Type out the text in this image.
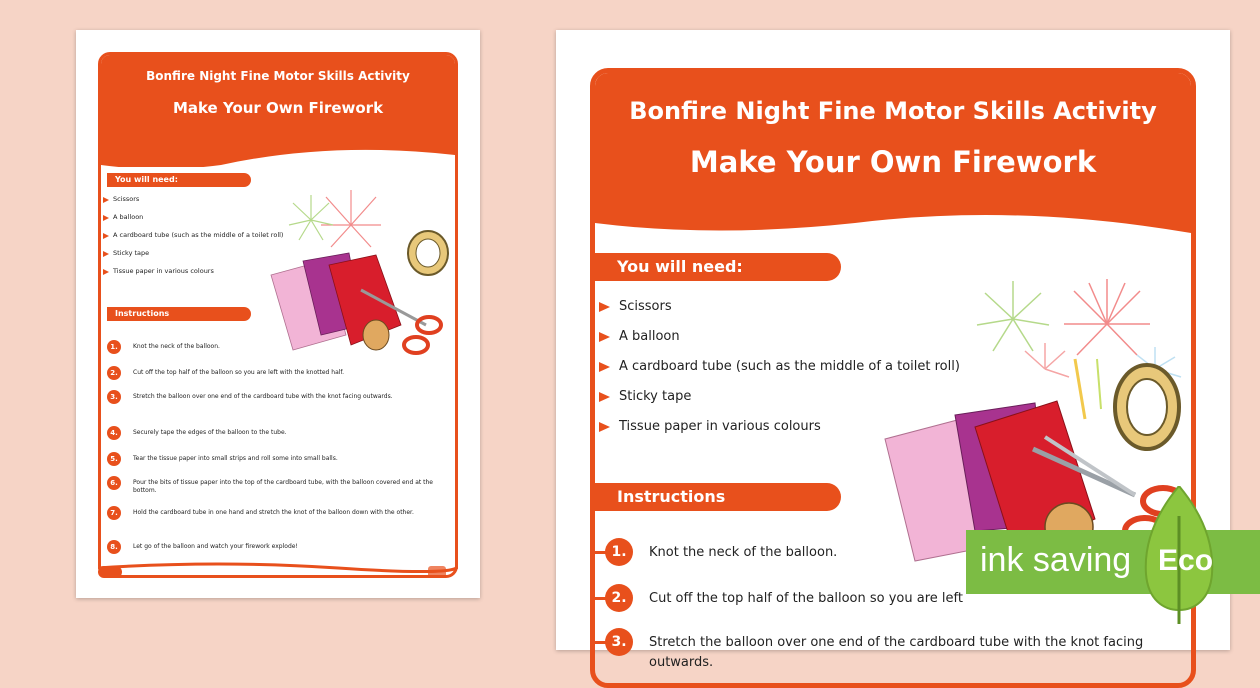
Bonfire Night Fine Motor Skills Activity
Make Your Own Firework
You will need:
Scissors
A balloon
A cardboard tube (such as the middle of a toilet roll)
Sticky tape
Tissue paper in various colours
Instructions
1.	Knot the neck of the balloon.
2.	Cut off the top half of the balloon so you are left with the knotted half.
3.	Stretch the balloon over one end of the cardboard tube with the knot facing outwards.
4.	Securely tape the edges of the balloon to the tube.
5.	Tear the tissue paper into small strips and roll some into small balls.
6.	Pour the bits of tissue paper into the top of the cardboard tube, with the balloon covered end at the bottom.
7.	Hold the cardboard tube in one hand and stretch the knot of the balloon down with the other.
8.	Let go of the balloon and watch your firework explode!
Bonfire Night Fine Motor Skills Activity
Make Your Own Firework
You will need:
Scissors
A balloon
A cardboard tube (such as the middle of a toilet roll)
Sticky tape
Tissue paper in various colours
Instructions
1.	Knot the neck of the balloon.
2.	Cut off the top half of the balloon so you are left
3.	Stretch the balloon over one end of the cardboard tube with the knot facing outwards.
ink saving Eco
